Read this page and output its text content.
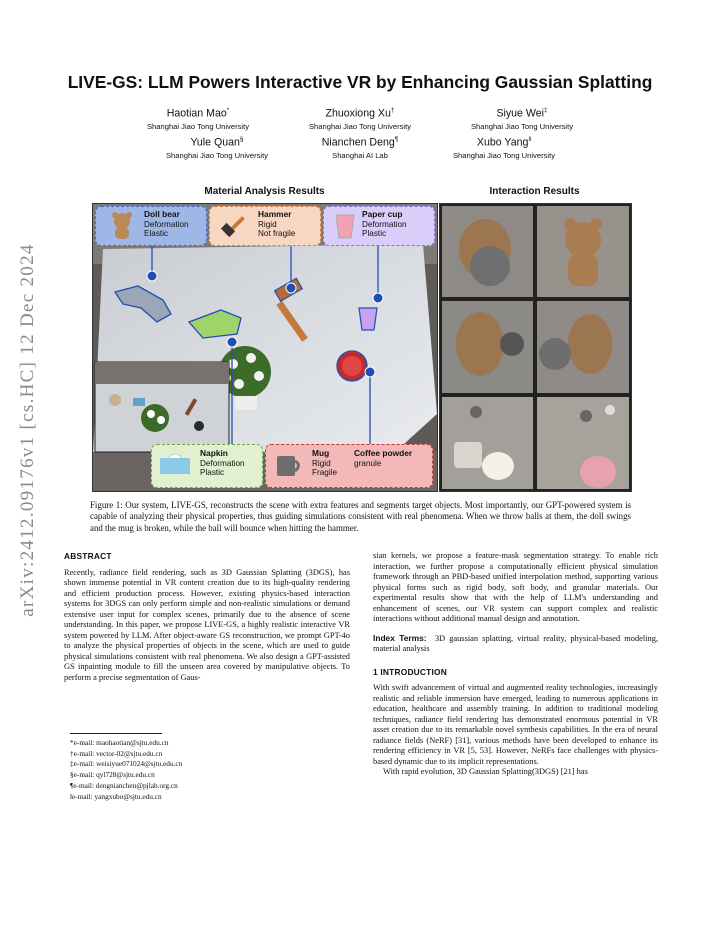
arXiv:2412.09176v1 [cs.HC] 12 Dec 2024
LIVE-GS: LLM Powers Interactive VR by Enhancing Gaussian Splatting
Haotian Mao*
Shanghai Jiao Tong University
Zhuoxiong Xu†
Shanghai Jiao Tong University
Siyue Wei‡
Shanghai Jiao Tong University
Yule Quan§
Shanghai Jiao Tong University
Nianchen Deng¶
Shanghai AI Lab
Xubo Yang‖
Shanghai Jiao Tong University
Material Analysis Results	Interaction Results
Doll bear
Deformation
Elastic
Hammer
Rigid
Not fragile
Paper cup
Deformation
Plastic
Napkin
Deformation
Plastic
Mug
Rigid
Fragile
Coffee powder
granule
Figure 1: Our system, LIVE-GS, reconstructs the scene with extra features and segments target objects. Most importantly, our GPT-powered system is capable of analyzing their physical properties, thus guiding simulations consistent with real phenomena. When we throw balls at them, the doll swings and the mug is broken, while the ball will bounce when hitting the hammer.
ABSTRACT

Recently, radiance field rendering, such as 3D Gaussian Splatting (3DGS), has shown immense potential in VR content creation due to its high-quality rendering and efficient production process. However, existing physics-based interaction systems for 3DGS can only perform simple and non-realistic simulations or demand extensive user input for complex scenes, primarily due to the absence of scene understanding. In this paper, we propose LIVE-GS, a highly realistic interactive VR system powered by LLM. After object-aware GS reconstruction, we prompt GPT-4o to analyze the physical properties of objects in the scene, which are used to guide physical simulations consistent with real phenomena. We also design a GPT-assisted GS inpainting module to fill the unseen area covered by manipulative objects. To perform a precise segmentation of Gaus-

*e-mail: maohaotian@sjtu.edu.cn
†e-mail: vector-02@sjtu.edu.cn
‡e-mail: weisiyue071024@sjtu.edu.cn
§e-mail: qyl728@sjtu.edu.cn
¶e-mail: dengnianchen@pjlab.org.cn
‖e-mail: yangxubo@sjtu.edu.cn

sian kernels, we propose a feature-mask segmentation strategy. To enable rich interaction, we further propose a computationally efficient physical simulation framework through an PBD-based unified interpolation method, supporting various physical forms such as rigid body, soft body, and granular materials. Our experimental results show that with the help of LLM's understanding and enhancement of scenes, our VR system can support complex and realistic interactions without additional manual design and annotation.

Index Terms: 3D gaussian splatting, virtual reality, physical-based modeling, material analysis

1 INTRODUCTION

With swift advancement of virtual and augmented reality technologies, increasingly realistic and reliable immersion have emerged, leading to numerous applications in education, healthcare and assembly training. In addition to traditional modeling techniques, radiance field rendering has demonstrated enormous potential in VR asset creation due to its remarkable novel synthesis capabilities. In the era of neural radiance fields (NeRF) [31], various methods have been developed to enhance its rendering efficiency in VR [5, 53]. However, NeRFs face challenges with physics-based dynamic due to its implicit representations.

With rapid evolution, 3D Gaussian Splatting(3DGS) [21] has
